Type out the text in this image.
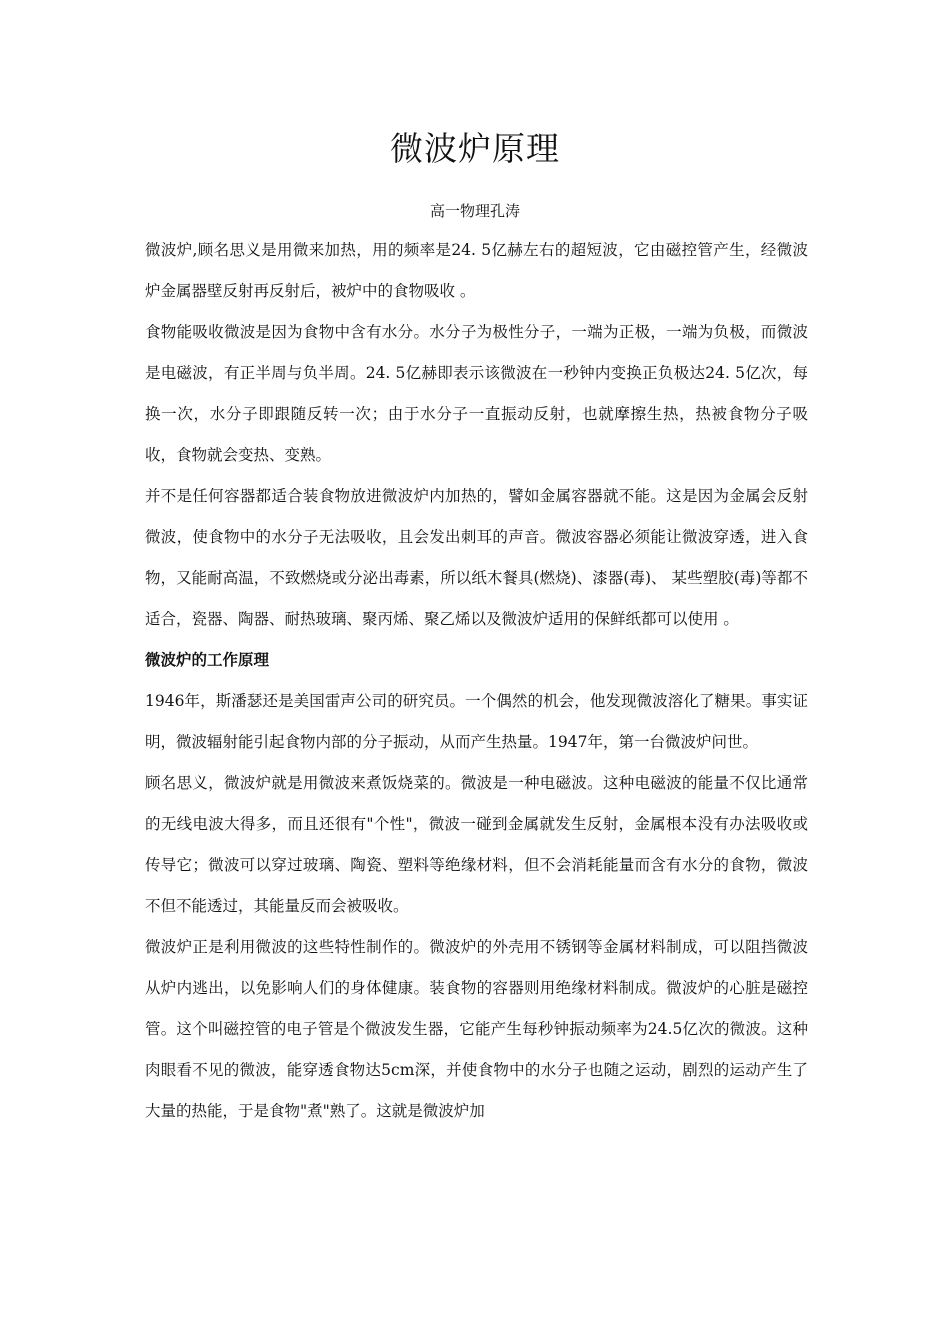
微波炉原理
高一物理孔涛

微波炉,顾名思义是用微来加热，用的频率是24. 5亿赫左右的超短波，它由磁控管产生，经微波炉金属器壁反射再反射后，被炉中的食物吸收 。

食物能吸收微波是因为食物中含有水分。水分子为极性分子，一端为正极，一端为负极，而微波是电磁波，有正半周与负半周。24. 5亿赫即表示该微波在一秒钟内变换正负极达24. 5亿次，每换一次，水分子即跟随反转一次；由于水分子一直振动反射，也就摩擦生热，热被食物分子吸收，食物就会变热、变熟。

并不是任何容器都适合装食物放进微波炉内加热的，譬如金属容器就不能。这是因为金属会反射微波，使食物中的水分子无法吸收，且会发出刺耳的声音。微波容器必须能让微波穿透，进入食物，又能耐高温，不致燃烧或分泌出毒素，所以纸木餐具(燃烧)、漆器(毒)、 某些塑胶(毒)等都不适合，瓷器、陶器、耐热玻璃、聚丙烯、聚乙烯以及微波炉适用的保鲜纸都可以使用 。

微波炉的工作原理

1946年，斯潘瑟还是美国雷声公司的研究员。一个偶然的机会，他发现微波溶化了糖果。事实证明，微波辐射能引起食物内部的分子振动，从而产生热量。1947年，第一台微波炉问世。

顾名思义，微波炉就是用微波来煮饭烧菜的。微波是一种电磁波。这种电磁波的能量不仅比通常的无线电波大得多，而且还很有"个性"，微波一碰到金属就发生反射，金属根本没有办法吸收或传导它；微波可以穿过玻璃、陶瓷、塑料等绝缘材料，但不会消耗能量而含有水分的食物，微波不但不能透过，其能量反而会被吸收。

微波炉正是利用微波的这些特性制作的。微波炉的外壳用不锈钢等金属材料制成，可以阻挡微波从炉内逃出，以免影响人们的身体健康。装食物的容器则用绝缘材料制成。微波炉的心脏是磁控管。这个叫磁控管的电子管是个微波发生器，它能产生每秒钟振动频率为24.5亿次的微波。这种肉眼看不见的微波，能穿透食物达5cm深，并使食物中的水分子也随之运动，剧烈的运动产生了大量的热能，于是食物"煮"熟了。这就是微波炉加
